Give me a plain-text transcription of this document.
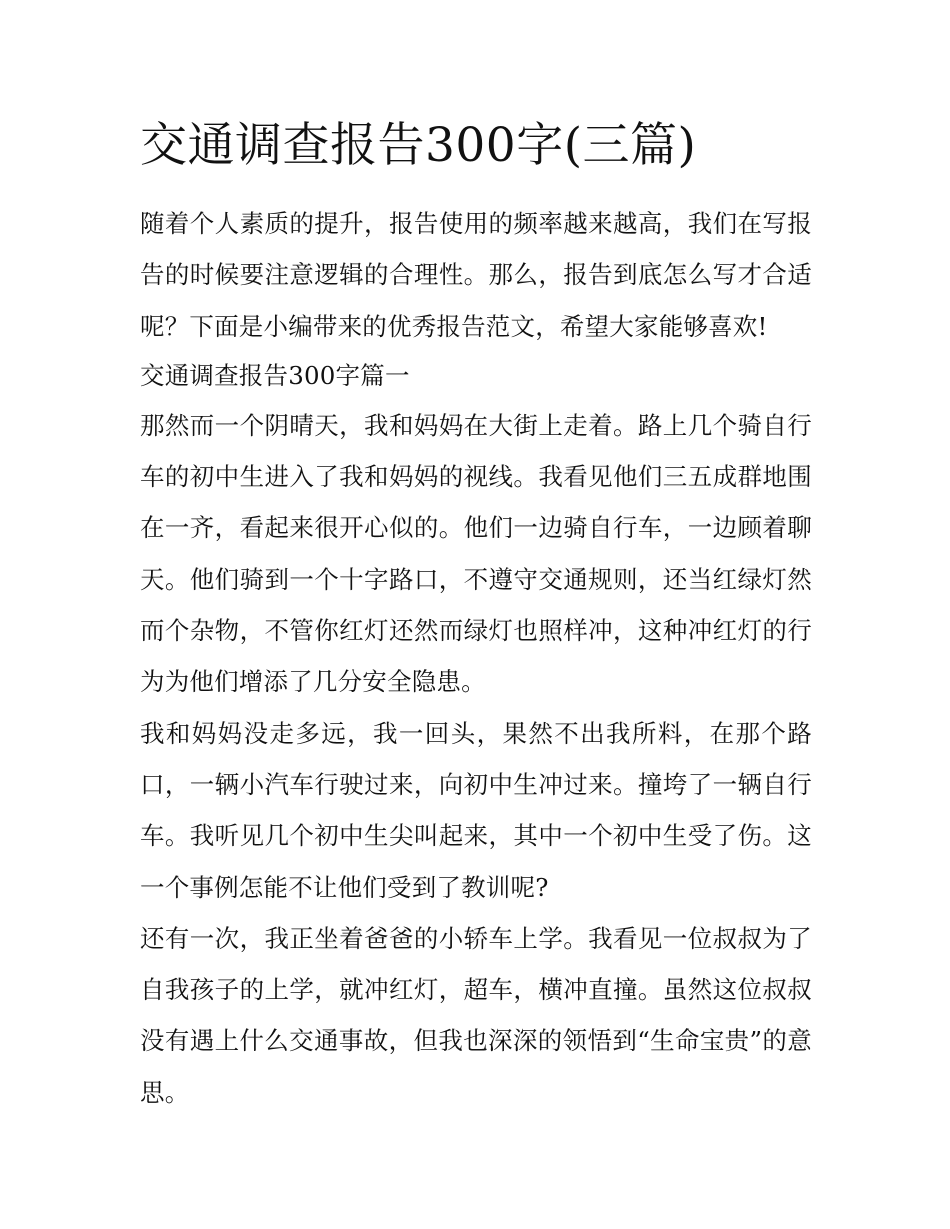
交通调查报告300字(三篇)

随着个人素质的提升，报告使用的频率越来越高，我们在写报告的时候要注意逻辑的合理性。那么，报告到底怎么写才合适呢？下面是小编带来的优秀报告范文，希望大家能够喜欢!

交通调查报告300字篇一

那然而一个阴晴天，我和妈妈在大街上走着。路上几个骑自行车的初中生进入了我和妈妈的视线。我看见他们三五成群地围在一齐，看起来很开心似的。他们一边骑自行车，一边顾着聊天。他们骑到一个十字路口，不遵守交通规则，还当红绿灯然而个杂物，不管你红灯还然而绿灯也照样冲，这种冲红灯的行为为他们增添了几分安全隐患。

我和妈妈没走多远，我一回头，果然不出我所料，在那个路口，一辆小汽车行驶过来，向初中生冲过来。撞垮了一辆自行车。我听见几个初中生尖叫起来，其中一个初中生受了伤。这一个事例怎能不让他们受到了教训呢?

还有一次，我正坐着爸爸的小轿车上学。我看见一位叔叔为了自我孩子的上学，就冲红灯，超车，横冲直撞。虽然这位叔叔没有遇上什么交通事故，但我也深深的领悟到“生命宝贵”的意思。
